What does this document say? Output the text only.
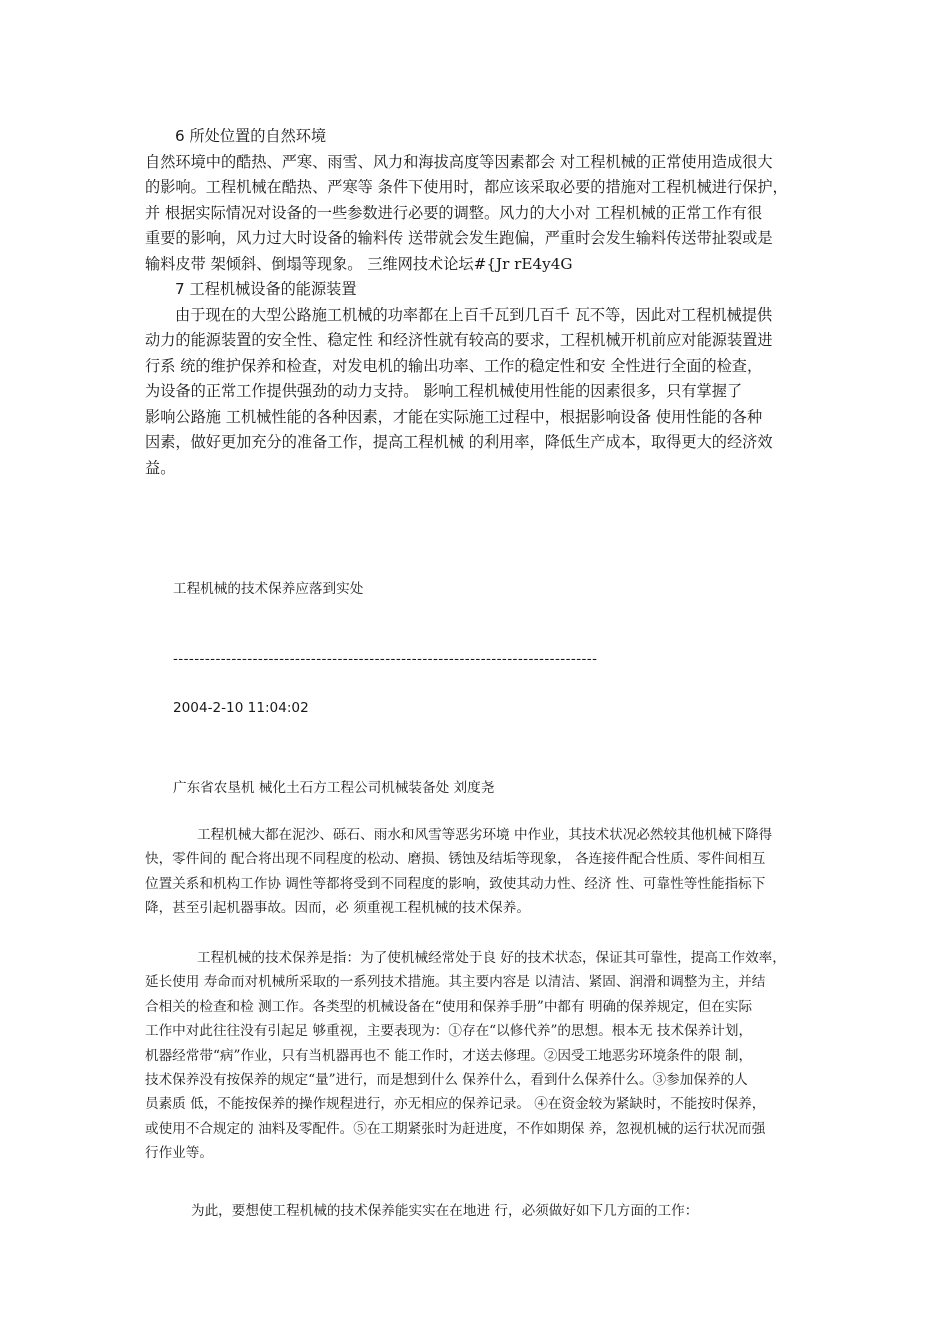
6 所处位置的自然环境
自然环境中的酷热、严寒、雨雪、风力和海拔高度等因素都会 对工程机械的正常使用造成很大
的影响。工程机械在酷热、严寒等 条件下使用时，都应该采取必要的措施对工程机械进行保护，
并 根据实际情况对设备的一些参数进行必要的调整。风力的大小对 工程机械的正常工作有很
重要的影响，风力过大时设备的输料传 送带就会发生跑偏，严重时会发生输料传送带扯裂或是
输料皮带 架倾斜、倒塌等现象。 三维网技术论坛#{Jr rE4y4G
7 工程机械设备的能源装置
由于现在的大型公路施工机械的功率都在上百千瓦到几百千 瓦不等，因此对工程机械提供
动力的能源装置的安全性、稳定性 和经济性就有较高的要求，工程机械开机前应对能源装置进
行系 统的维护保养和检查，对发电机的输出功率、工作的稳定性和安 全性进行全面的检查，
为设备的正常工作提供强劲的动力支持。 影响工程机械使用性能的因素很多，只有掌握了
影响公路施 工机械性能的各种因素，才能在实际施工过程中，根据影响设备 使用性能的各种
因素，做好更加充分的准备工作，提高工程机械 的利用率，降低生产成本，取得更大的经济效
益。
工程机械的技术保养应落到实处
--------------------------------------------------------------------------------
2004-2-10 11:04:02
广东省农垦机 械化土石方工程公司机械装备处 刘度尧
工程机械大都在泥沙、砾石、雨水和风雪等恶劣环境 中作业，其技术状况必然较其他机械下降得
快，零件间的 配合将出现不同程度的松动、磨损、锈蚀及结垢等现象， 各连接件配合性质、零件间相互
位置关系和机构工作协 调性等都将受到不同程度的影响，致使其动力性、经济 性、可靠性等性能指标下
降，甚至引起机器事故。因而，必 须重视工程机械的技术保养。
工程机械的技术保养是指：为了使机械经常处于良 好的技术状态，保证其可靠性，提高工作效率，
延长使用 寿命而对机械所采取的一系列技术措施。其主要内容是 以清洁、紧固、润滑和调整为主，并结
合相关的检查和检 测工作。各类型的机械设备在“使用和保养手册”中都有 明确的保养规定，但在实际
工作中对此往往没有引起足 够重视，主要表现为：①存在“以修代养”的思想。根本无 技术保养计划，
机器经常带“病”作业，只有当机器再也不 能工作时，才送去修理。②因受工地恶劣环境条件的限 制，
技术保养没有按保养的规定“量”进行，而是想到什么 保养什么，看到什么保养什么。③参加保养的人
员素质 低，不能按保养的操作规程进行，亦无相应的保养记录。 ④在资金较为紧缺时，不能按时保养，
或使用不合规定的 油料及零配件。⑤在工期紧张时为赶进度，不作如期保 养，忽视机械的运行状况而强
行作业等。
为此，要想使工程机械的技术保养能实实在在地进 行，必须做好如下几方面的工作：
